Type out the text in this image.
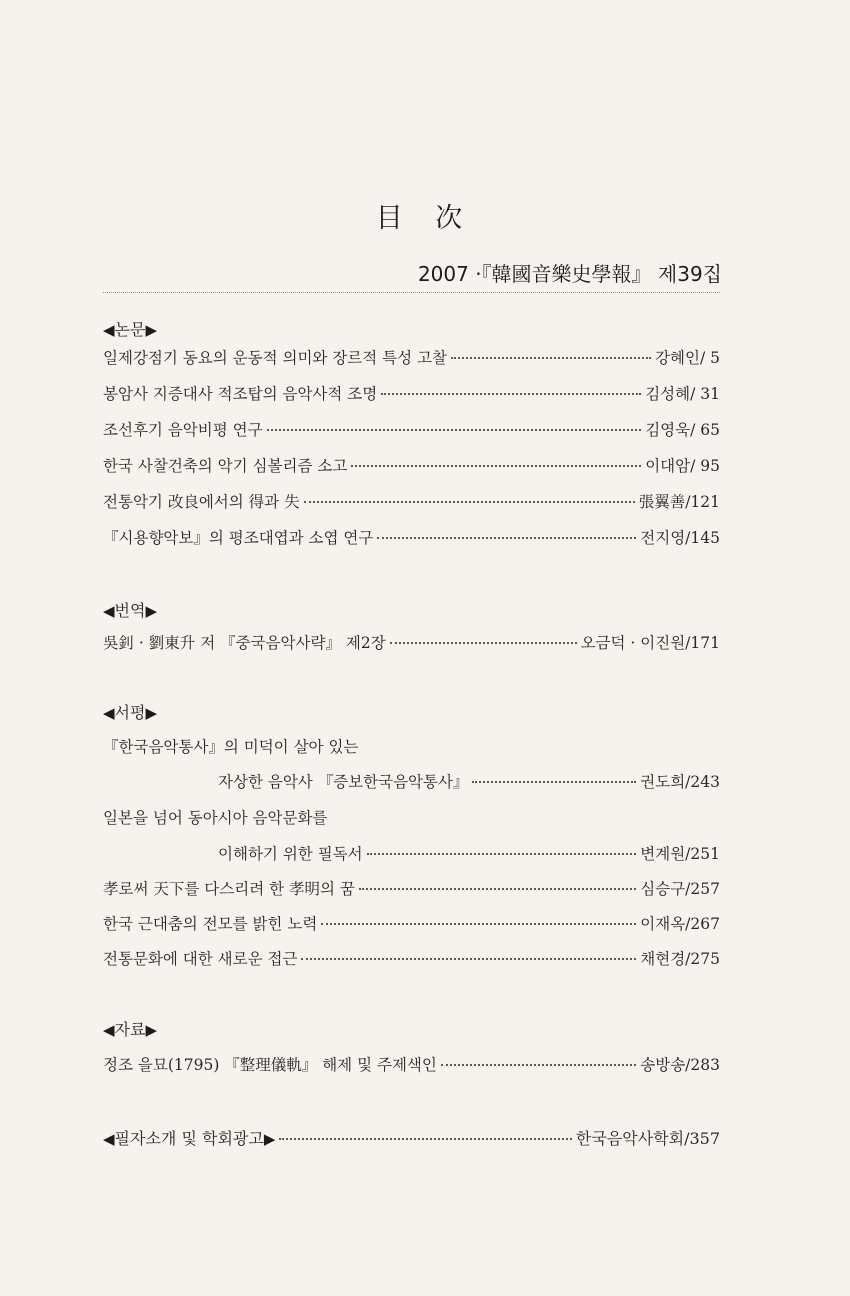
目 次
2007 ·『韓國音樂史學報』 제39집
◀논문▶
일제강점기 동요의 운동적 의미와 장르적 특성 고찰	강혜인/ 5
봉암사 지증대사 적조탑의 음악사적 조명	김성혜/ 31
조선후기 음악비평 연구	김영욱/ 65
한국 사찰건축의 악기 심볼리즘 소고	이대암/ 95
전통악기 改良에서의 得과 失	張翼善/121
『시용향악보』의 평조대엽과 소엽 연구	전지영/145
◀번역▶
吳釗 · 劉東升 저 『중국음악사략』 제2장	오금덕 · 이진원/171
◀서평▶
『한국음악통사』의 미덕이 살아 있는
자상한 음악사 『증보한국음악통사』	권도희/243
일본을 넘어 동아시아 음악문화를
이해하기 위한 필독서	변계원/251
孝로써 天下를 다스리려 한 孝明의 꿈	심승구/257
한국 근대춤의 전모를 밝힌 노력	이재옥/267
전통문화에 대한 새로운 접근	채현경/275
◀자료▶
정조 을묘(1795) 『整理儀軌』 해제 및 주제색인	송방송/283
◀필자소개 및 학회광고▶	한국음악사학회/357
